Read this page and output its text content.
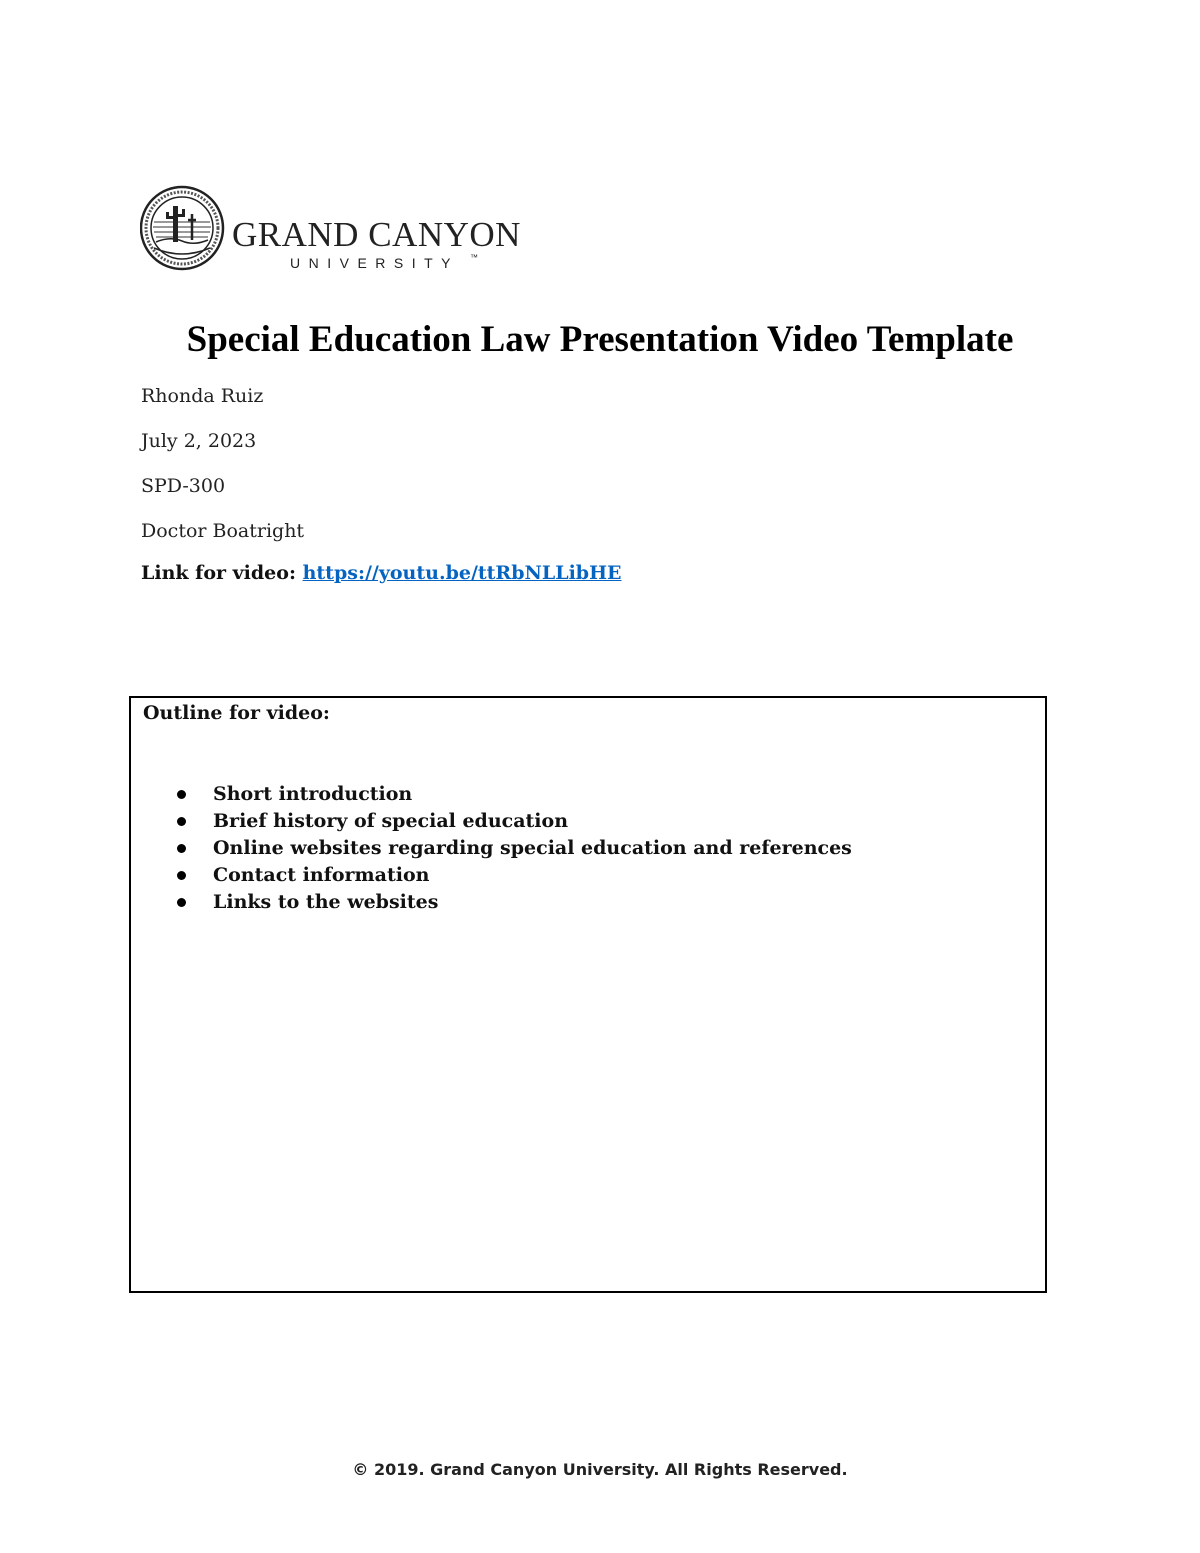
GRAND CANYON
UNIVERSITY ™
Special Education Law Presentation Video Template

Rhonda Ruiz

July 2, 2023

SPD-300

Doctor Boatright

Link for video: https://youtu.be/ttRbNLLibHE

Outline for video:

Short introduction
Brief history of special education
Online websites regarding special education and references
Contact information
Links to the websites

© 2019. Grand Canyon University. All Rights Reserved.
